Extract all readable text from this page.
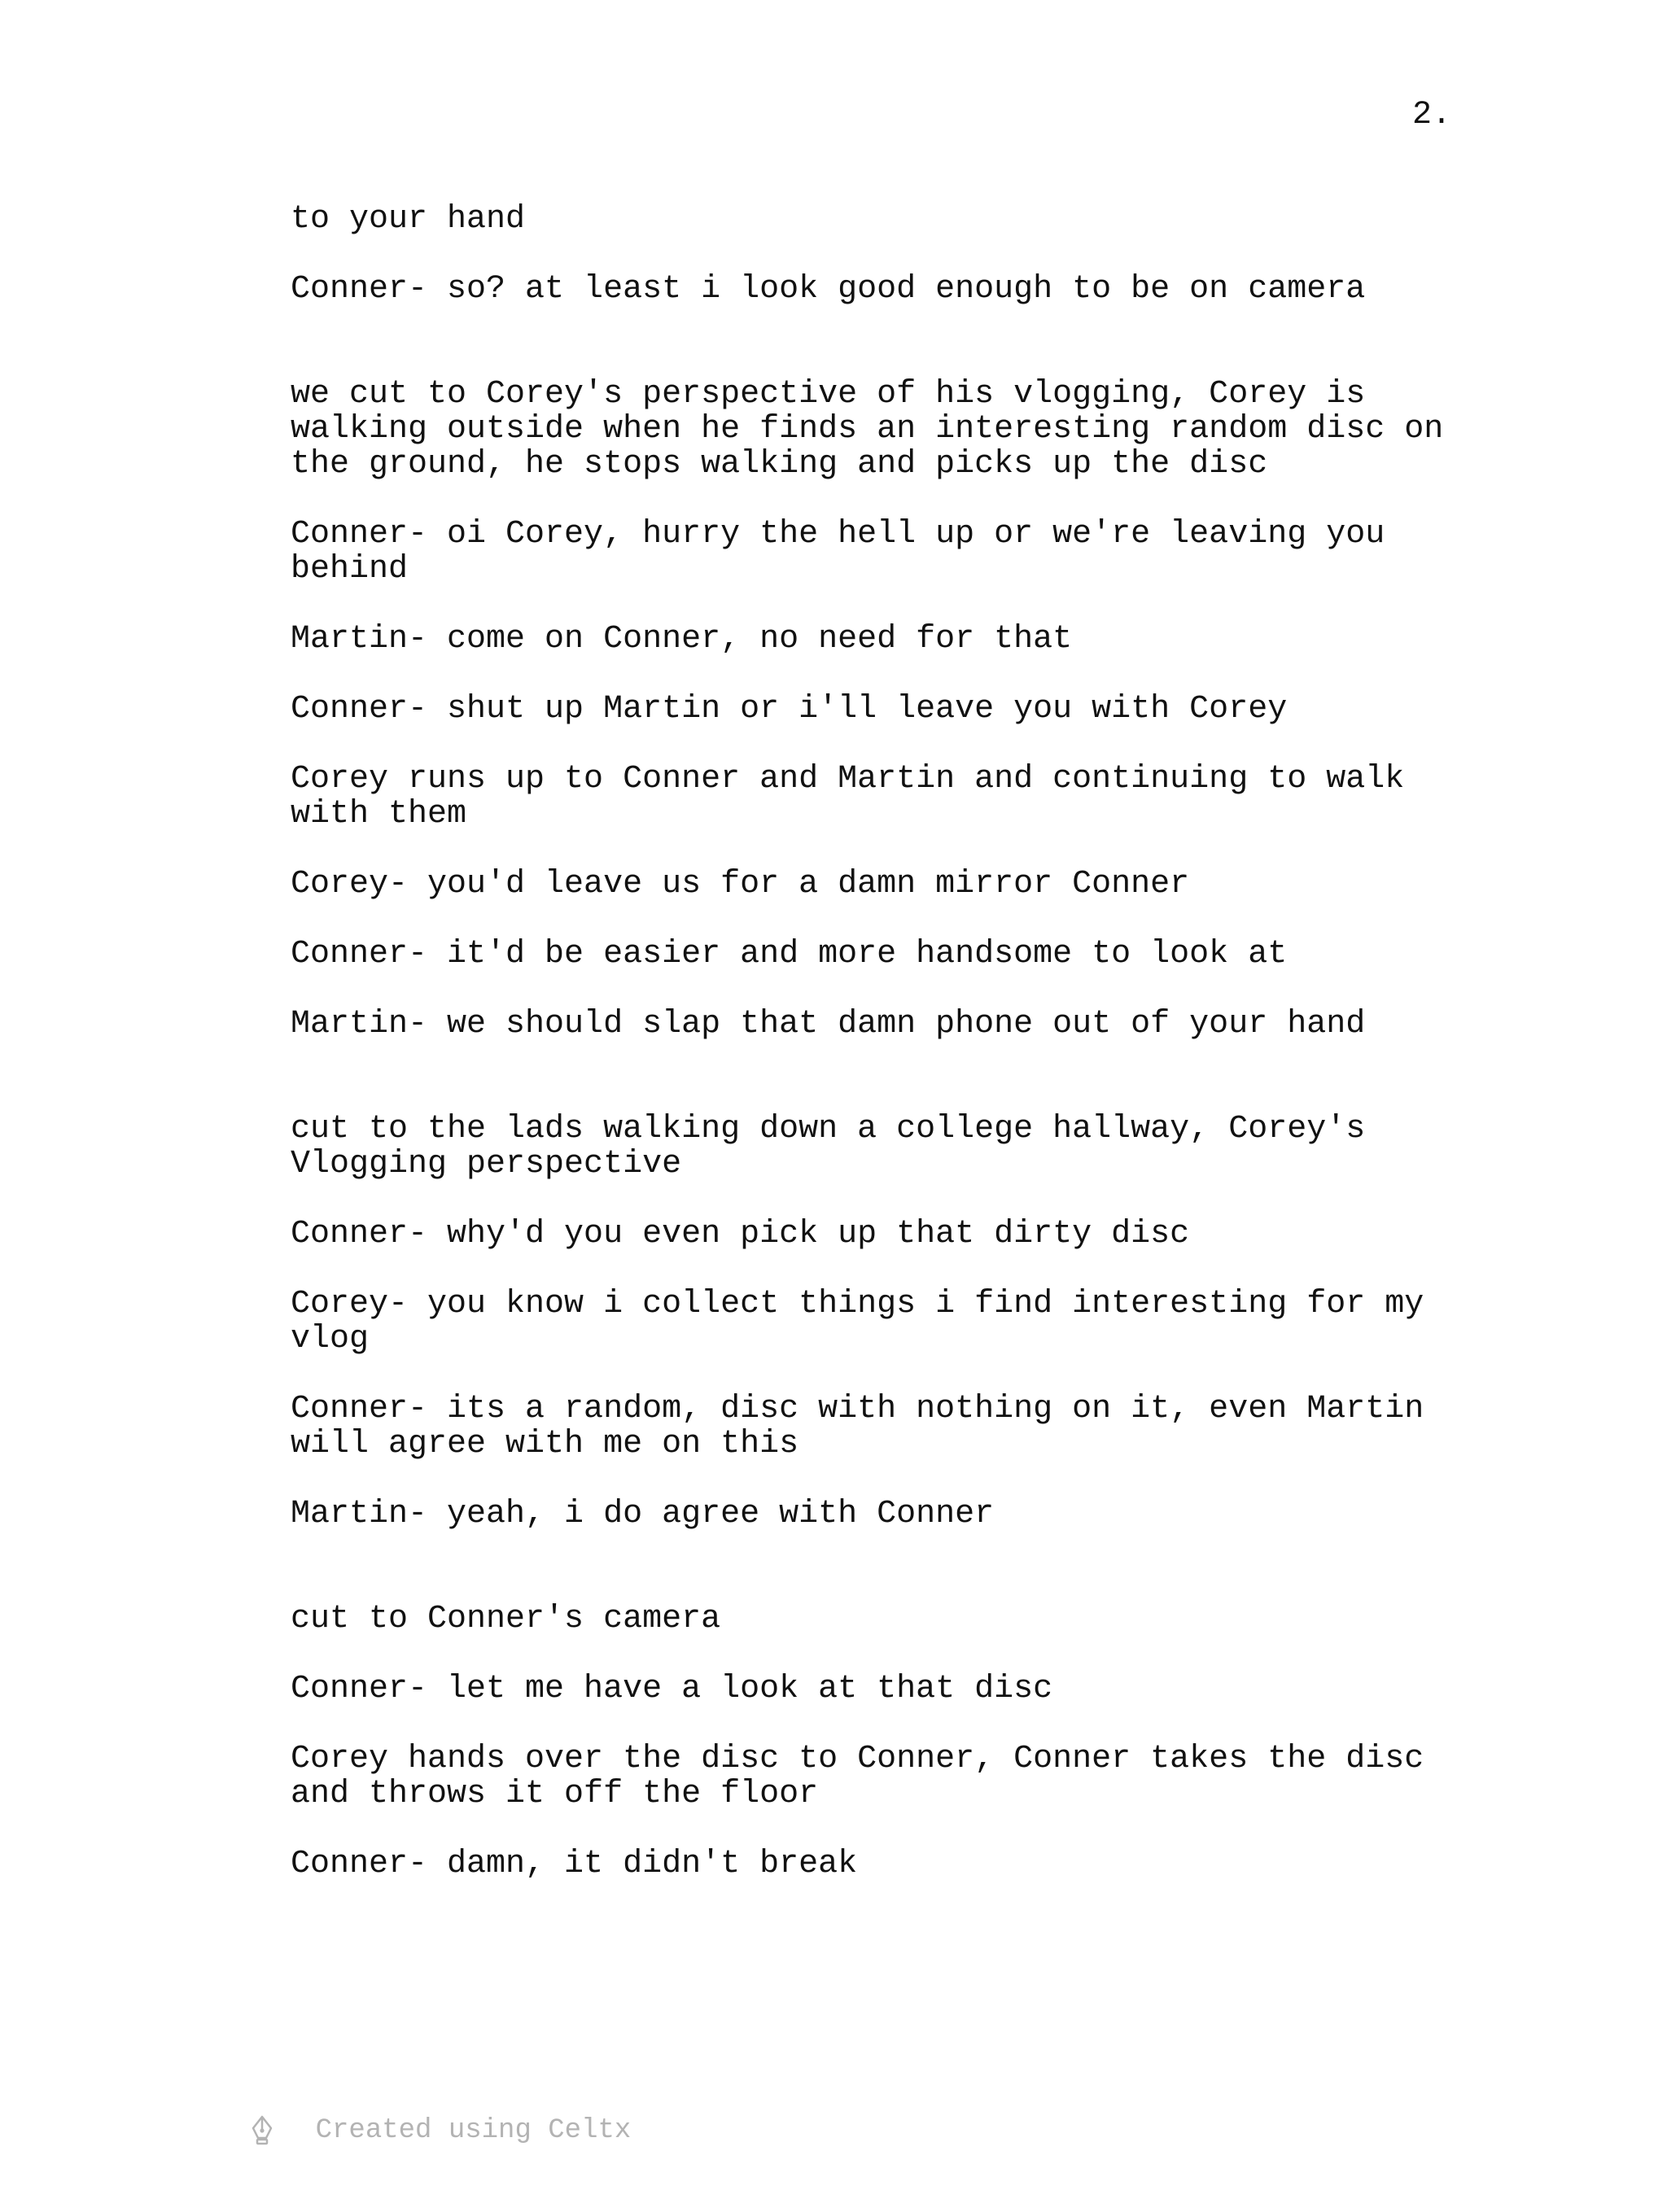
2.

to your hand

Conner- so? at least i look good enough to be on camera

we cut to Corey's perspective of his vlogging, Corey is
walking outside when he finds an interesting random disc on
the ground, he stops walking and picks up the disc

Conner- oi Corey, hurry the hell up or we're leaving you
behind

Martin- come on Conner, no need for that

Conner- shut up Martin or i'll leave you with Corey

Corey runs up to Conner and Martin and continuing to walk
with them

Corey- you'd leave us for a damn mirror Conner

Conner- it'd be easier and more handsome to look at

Martin- we should slap that damn phone out of your hand

cut to the lads walking down a college hallway, Corey's
Vlogging perspective

Conner- why'd you even pick up that dirty disc

Corey- you know i collect things i find interesting for my
vlog

Conner- its a random, disc with nothing on it, even Martin
will agree with me on this

Martin- yeah, i do agree with Conner

cut to Conner's camera

Conner- let me have a look at that disc

Corey hands over the disc to Conner, Conner takes the disc
and throws it off the floor

Conner- damn, it didn't break

Created using Celtx
